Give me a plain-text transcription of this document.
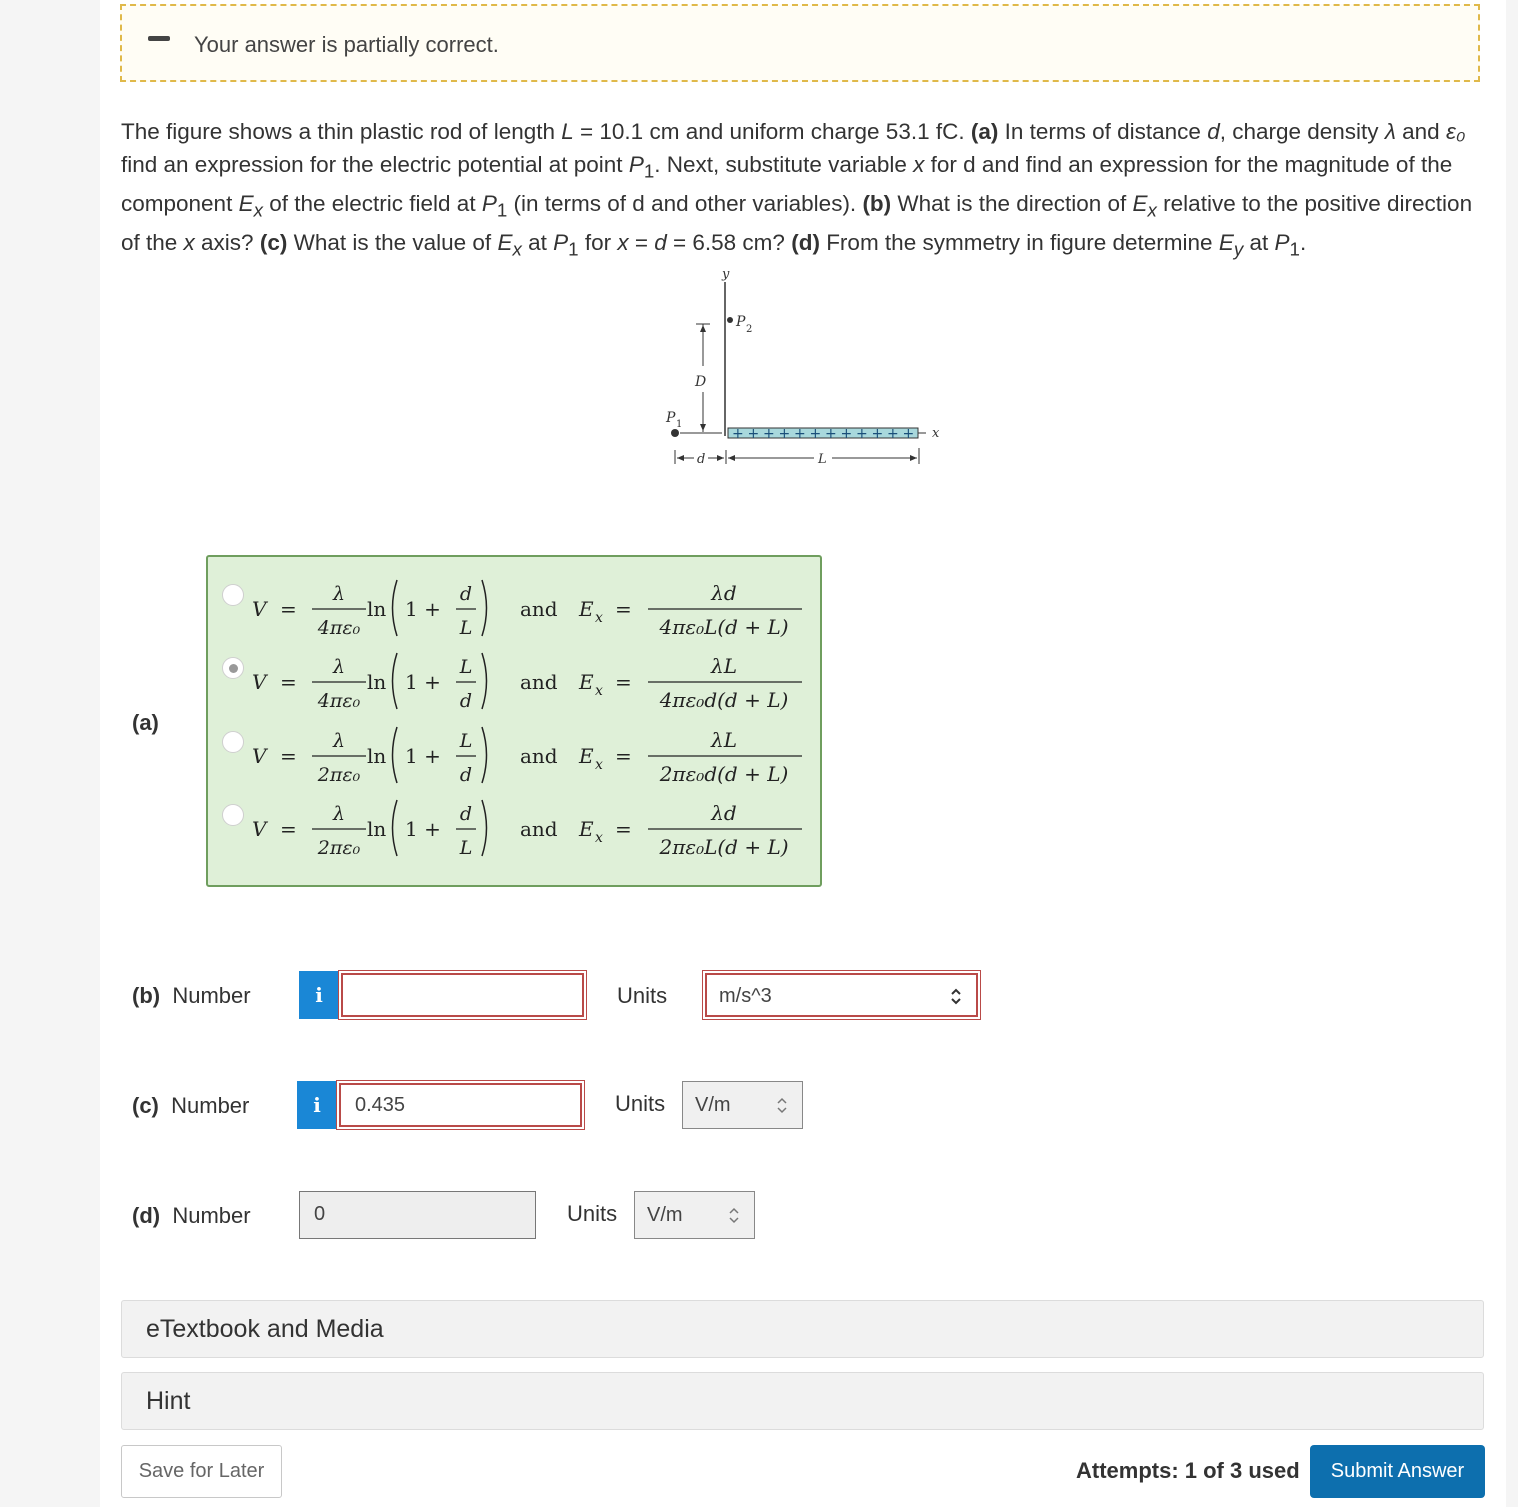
Your answer is partially correct.
The figure shows a thin plastic rod of length L = 10.1 cm and uniform charge 53.1 fC. (a) In terms of distance d, charge density λ and ε₀ find an expression for the electric potential at point $P_1$. Next, substitute variable x for d and find an expression for the magnitude of the component $E_x$ of the electric field at $P_1$ (in terms of d and other variables). (b) What is the direction of $E_x$ relative to the positive direction of the x axis? (c) What is the value of $E_x$ at $P_1$ for x = d = 6.58 cm? (d) From the symmetry in figure determine $E_y$ at $P_1$.
y
P 2
D
P 1
+ + + + + + + + + + + + x
d	L
(a)
V =
λ
4πε₀
ln 1 +
d
L
and E x =
λd
4πε₀L(d + L)
V =
λ
4πε₀
ln 1 +
L
d
and E x =
λL
4πε₀d(d + L)
V =
λ
2πε₀
ln 1 +
L
d
and E x =
λL
2πε₀d(d + L)
V =
λ
2πε₀
ln 1 +
d
L
and E x =
λd
2πε₀L(d + L)
(b) Number	i	Units	m/s^3
(c) Number	i	0.435	Units	V/m
(d) Number	0	Units	V/m
eTextbook and Media
Hint
Save for Later	Attempts: 1 of 3 used	Submit Answer
